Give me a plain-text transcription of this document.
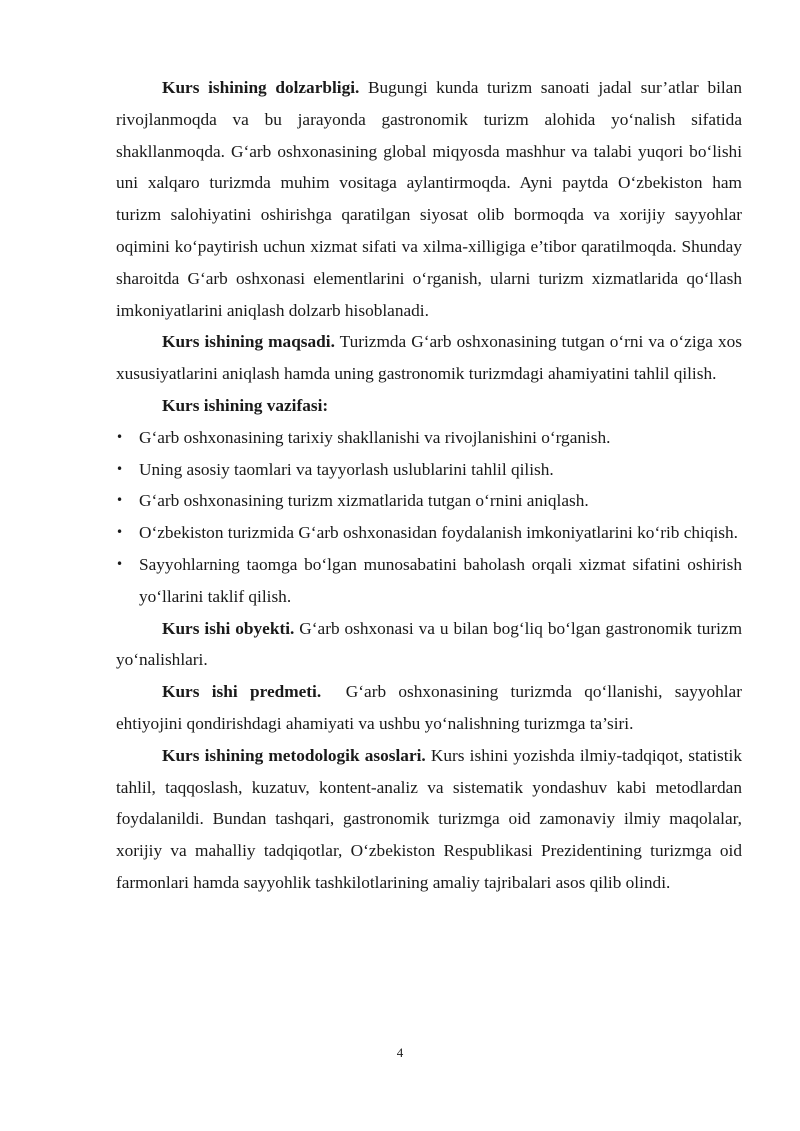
Kurs ishining dolzarbligi. Bugungi kunda turizm sanoati jadal sur’atlar bilan rivojlanmoqda va bu jarayonda gastronomik turizm alohida yo‘nalish sifatida shakllanmoqda. G‘arb oshxonasining global miqyosda mashhur va talabi yuqori bo‘lishi uni xalqaro turizmda muhim vositaga aylantirmoqda. Ayni paytda O‘zbekiston ham turizm salohiyatini oshirishga qaratilgan siyosat olib bormoqda va xorijiy sayyohlar oqimini ko‘paytirish uchun xizmat sifati va xilma-xilligiga e’tibor qaratilmoqda. Shunday sharoitda G‘arb oshxonasi elementlarini o‘rganish, ularni turizm xizmatlarida qo‘llash imkoniyatlarini aniqlash dolzarb hisoblanadi.

Kurs ishining maqsadi. Turizmda G‘arb oshxonasining tutgan o‘rni va o‘ziga xos xususiyatlarini aniqlash hamda uning gastronomik turizmdagi ahamiyatini tahlil qilish.

Kurs ishining vazifasi:

• G‘arb oshxonasining tarixiy shakllanishi va rivojlanishini o‘rganish.
• Uning asosiy taomlari va tayyorlash uslublarini tahlil qilish.
• G‘arb oshxonasining turizm xizmatlarida tutgan o‘rnini aniqlash.
• O‘zbekiston turizmida G‘arb oshxonasidan foydalanish imkoniyatlarini ko‘rib chiqish.
• Sayyohlarning taomga bo‘lgan munosabatini baholash orqali xizmat sifatini oshirish yo‘llarini taklif qilish.

Kurs ishi obyekti. G‘arb oshxonasi va u bilan bog‘liq bo‘lgan gastronomik turizm yo‘nalishlari.

Kurs ishi predmeti.  G‘arb oshxonasining turizmda qo‘llanishi, sayyohlar ehtiyojini qondirishdagi ahamiyati va ushbu yo‘nalishning turizmga ta’siri.

Kurs ishining metodologik asoslari. Kurs ishini yozishda ilmiy-tadqiqot, statistik tahlil, taqqoslash, kuzatuv, kontent-analiz va sistematik yondashuv kabi metodlardan foydalanildi. Bundan tashqari, gastronomik turizmga oid zamonaviy ilmiy maqolalar, xorijiy va mahalliy tadqiqotlar, O‘zbekiston Respublikasi Prezidentining turizmga oid farmonlari hamda sayyohlik tashkilotlarining amaliy tajribalari asos qilib olindi.

4
